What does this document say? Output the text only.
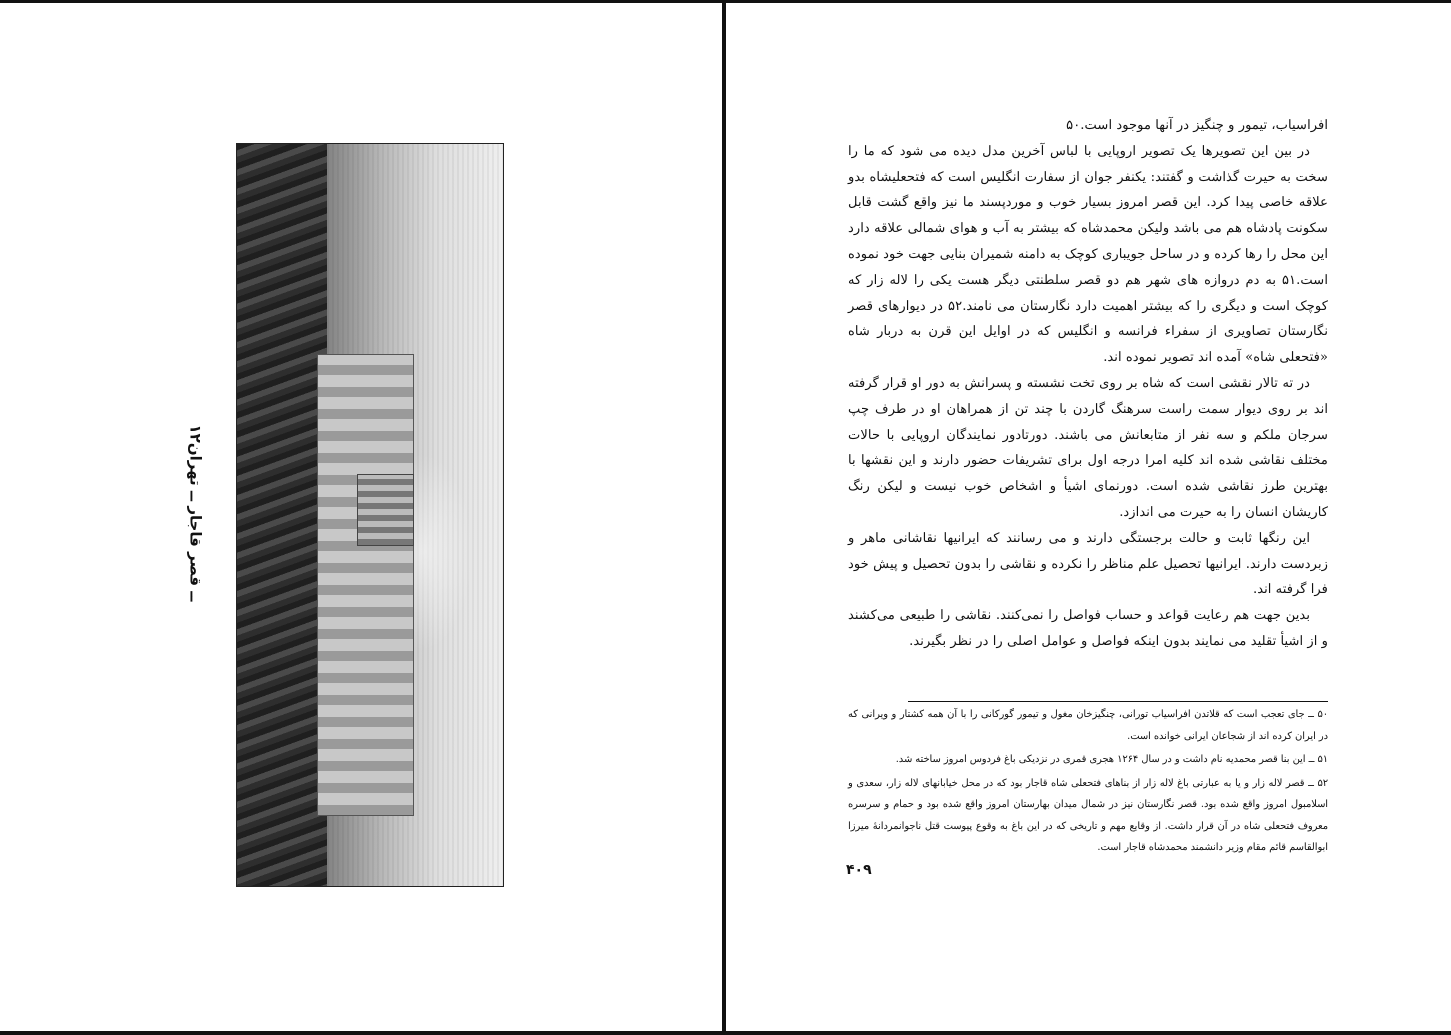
۱۲ــ قصر قاجار ــ تهران

افراسیاب، تیمور و چنگیز در آنها موجود است.۵۰

در بین این تصویرها یک تصویر اروپایی با لباس آخرین مدل دیده می شود که ما را سخت به حیرت گذاشت و گفتند: یکنفر جوان از سفارت انگلیس است که فتحعلیشاه بدو علاقه خاصی پیدا کرد. این قصر امروز بسیار خوب و موردپسند ما نیز واقع گشت قابل سکونت پادشاه هم می باشد ولیکن محمدشاه که بیشتر به آب و هوای شمالی علاقه دارد این محل را رها کرده و در ساحل جویباری کوچک به دامنه شمیران بنایی جهت خود نموده است.۵۱ به دم دروازه های شهر هم دو قصر سلطنتی دیگر هست یکی را لاله زار که کوچک است و دیگری را که بیشتر اهمیت دارد نگارستان می نامند.۵۲ در دیوارهای قصر نگارستان تصاویری از سفراء فرانسه و انگلیس که در اوایل این قرن به دربار شاه «فتحعلی شاه» آمده اند تصویر نموده اند.

در ته تالار نقشی است که شاه بر روی تخت نشسته و پسرانش به دور او قرار گرفته اند بر روی دیوار سمت راست سرهنگ گاردن با چند تن از همراهان او در طرف چپ سرجان ملکم و سه نفر از متابعانش می باشند. دورتادور نمایندگان اروپایی با حالات مختلف نقاشی شده اند کلیه امرا درجه اول برای تشریفات حضور دارند و این نقشها با بهترین طرز نقاشی شده است. دورنمای اشیأ و اشخاص خوب نیست و لیکن رنگ کاریشان انسان را به حیرت می اندازد.

این رنگها ثابت و حالت برجستگی دارند و می رسانند که ایرانیها نقاشانی ماهر و زبردست دارند. ایرانیها تحصیل علم مناظر را نکرده و نقاشی را بدون تحصیل و پیش خود فرا گرفته اند.

بدین جهت هم رعایت قواعد و حساب فواصل را نمی‌کنند. نقاشی را طبیعی می‌کشند و از اشیأ تقلید می نمایند بدون اینکه فواصل و عوامل اصلی را در نظر بگیرند.

۵۰ ــ جای تعجب است که قلاتدن افراسیاب تورانی، چنگیزخان مغول و تیمور گورکانی را با آن همه کشتار و ویرانی که در ایران کرده اند از شجاعان ایرانی خوانده است.

۵۱ ــ این بنا قصر محمدیه نام داشت و در سال ۱۲۶۴ هجری قمری در نزدیکی باغ فردوس امروز ساخته شد.

۵۲ ــ قصر لاله زار و یا به عبارتی باغ لاله زار از بناهای فتحعلی شاه قاجار بود که در محل خیابانهای لاله زار، سعدی و اسلامبول امروز واقع شده بود. قصر نگارستان نیز در شمال میدان بهارستان امروز واقع شده بود و حمام و سرسره معروف فتحعلی شاه در آن قرار داشت. از وقایع مهم و تاریخی که در این باغ به وقوع پیوست قتل ناجوانمردانهٔ میرزا ابوالقاسم قائم مقام وزیر دانشمند محمدشاه قاجار است.

۴۰۹
